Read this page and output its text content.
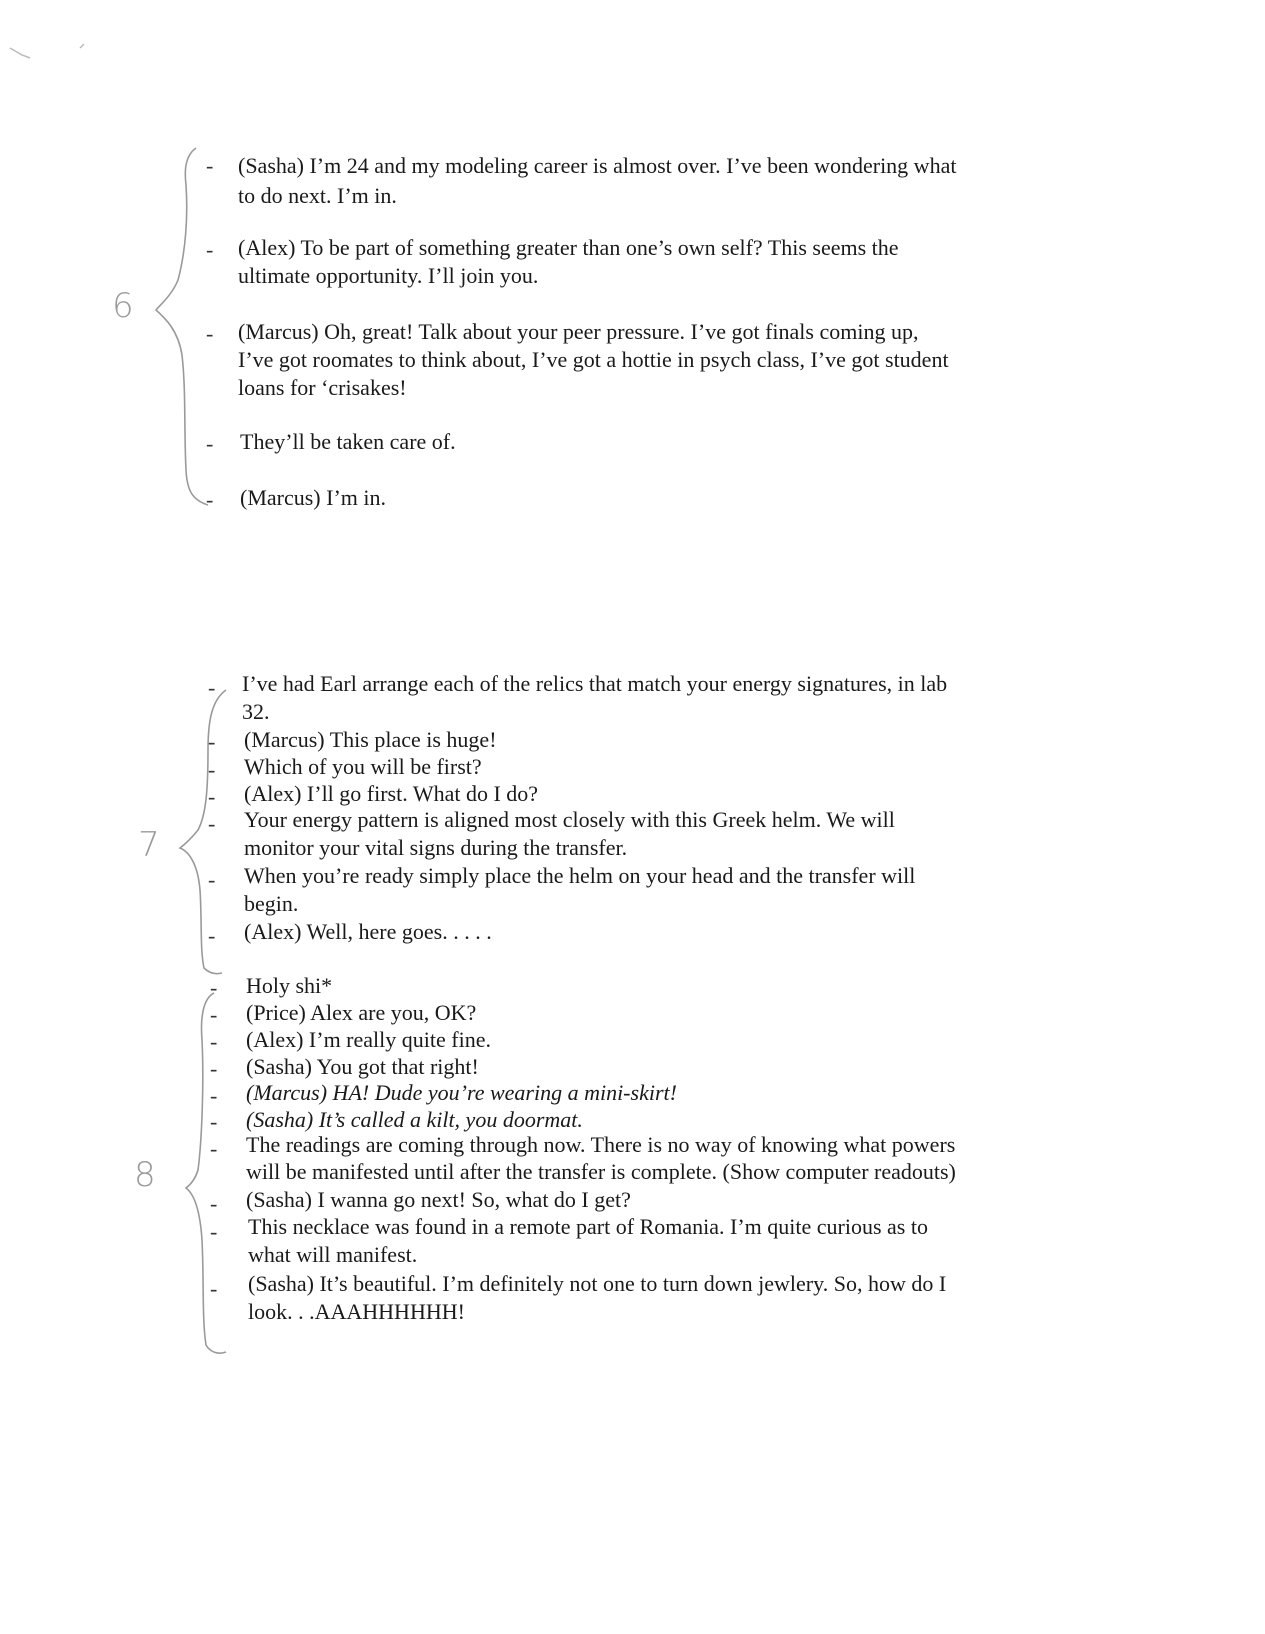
6
7
8
- (Sasha) I’m 24 and my modeling career is almost over. I’ve been wondering what
to do next. I’m in.
- (Alex) To be part of something greater than one’s own self? This seems the
ultimate opportunity. I’ll join you.
- (Marcus) Oh, great! Talk about your peer pressure. I’ve got finals coming up,
I’ve got roomates to think about, I’ve got a hottie in psych class, I’ve got student
loans for ‘crisakes!
- They’ll be taken care of.
- (Marcus) I’m in.
- I’ve had Earl arrange each of the relics that match your energy signatures, in lab
32.
- (Marcus) This place is huge!
- Which of you will be first?
- (Alex) I’ll go first. What do I do?
- Your energy pattern is aligned most closely with this Greek helm. We will
monitor your vital signs during the transfer.
- When you’re ready simply place the helm on your head and the transfer will
begin.
- (Alex) Well, here goes. . . . .
- Holy shi*
- (Price) Alex are you, OK?
- (Alex) I’m really quite fine.
- (Sasha) You got that right!
- (Marcus) HA! Dude you’re wearing a mini-skirt!
- (Sasha) It’s called a kilt, you doormat.
- The readings are coming through now. There is no way of knowing what powers
will be manifested until after the transfer is complete. (Show computer readouts)
- (Sasha) I wanna go next! So, what do I get?
- This necklace was found in a remote part of Romania. I’m quite curious as to
what will manifest.
- (Sasha) It’s beautiful. I’m definitely not one to turn down jewlery. So, how do I
look. . .AAAHHHHHH!
